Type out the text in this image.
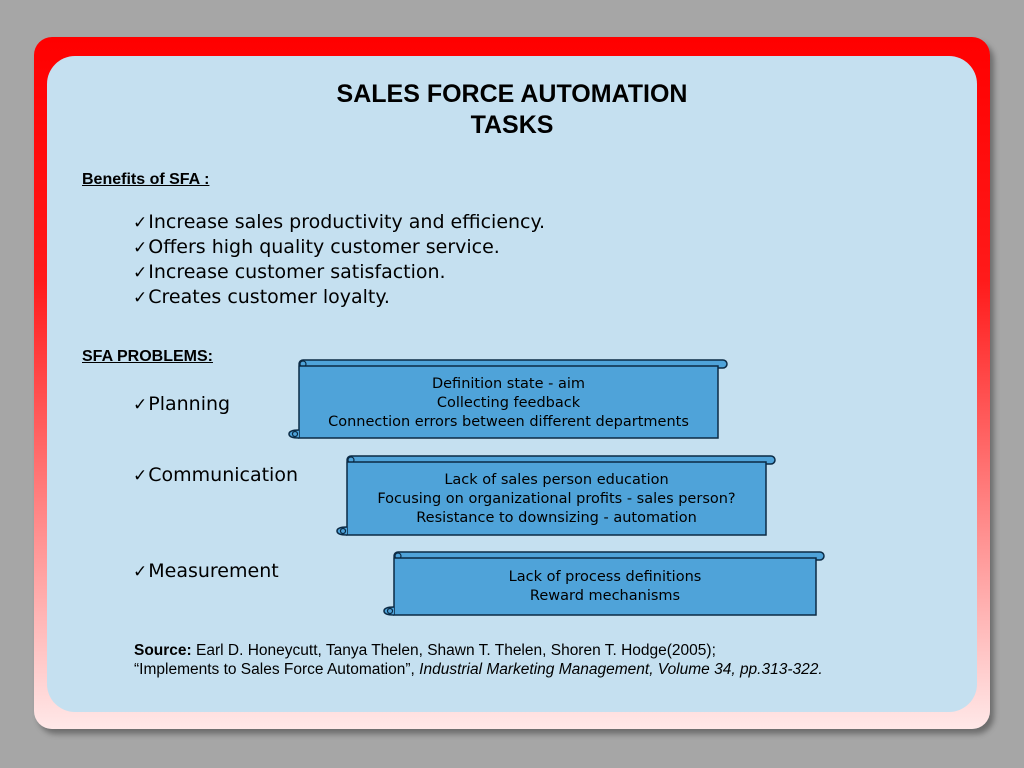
SALES FORCE AUTOMATION
TASKS
Benefits of SFA :
✓ Increase sales productivity and efficiency.
✓ Offers high quality customer service.
✓ Increase customer satisfaction.
✓ Creates customer loyalty.
SFA PROBLEMS:
✓ Planning
✓ Communication
✓ Measurement
Definition state - aim
Collecting feedback
Connection errors between different departments
Lack of sales person education
Focusing on organizational profits - sales person?
Resistance to downsizing - automation
Lack of process definitions
Reward mechanisms
Source: Earl D. Honeycutt, Tanya Thelen, Shawn T. Thelen, Shoren T. Hodge(2005);
“Implements to Sales Force Automation”, Industrial Marketing Management, Volume 34, pp.313-322.
